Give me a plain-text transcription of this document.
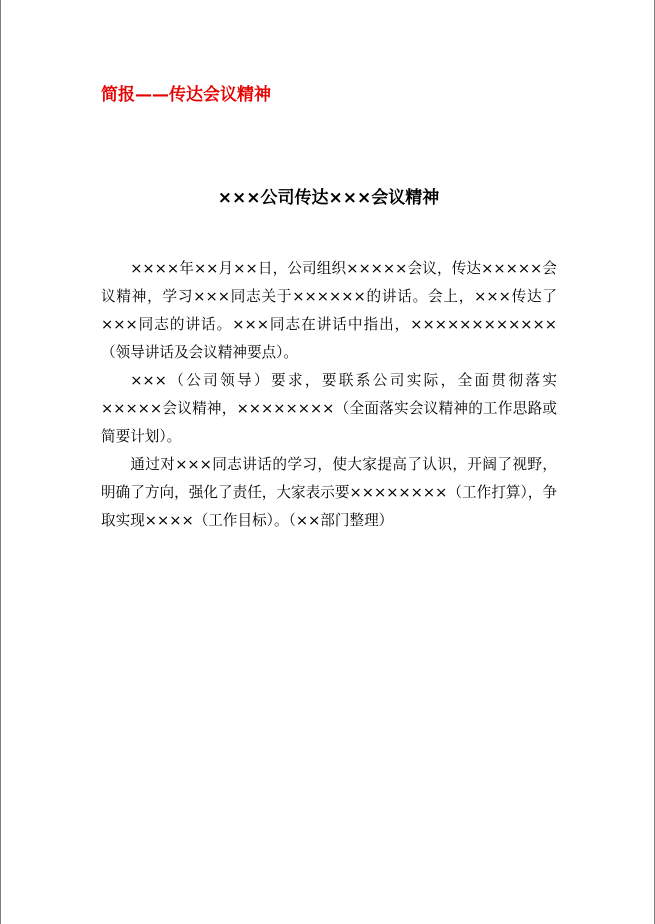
简报——传达会议精神
×××公司传达×××会议精神

××××年××月××日，公司组织×××××会议，传达×××××会议精神，学习×××同志关于××××××的讲话。会上，×××传达了×××同志的讲话。×××同志在讲话中指出，××××××××××××（领导讲话及会议精神要点）。

×××（公司领导）要求，要联系公司实际，全面贯彻落实×××××会议精神，××××××××（全面落实会议精神的工作思路或简要计划）。

通过对×××同志讲话的学习，使大家提高了认识，开阔了视野，明确了方向，强化了责任，大家表示要××××××××（工作打算），争取实现××××（工作目标）。（××部门整理）
